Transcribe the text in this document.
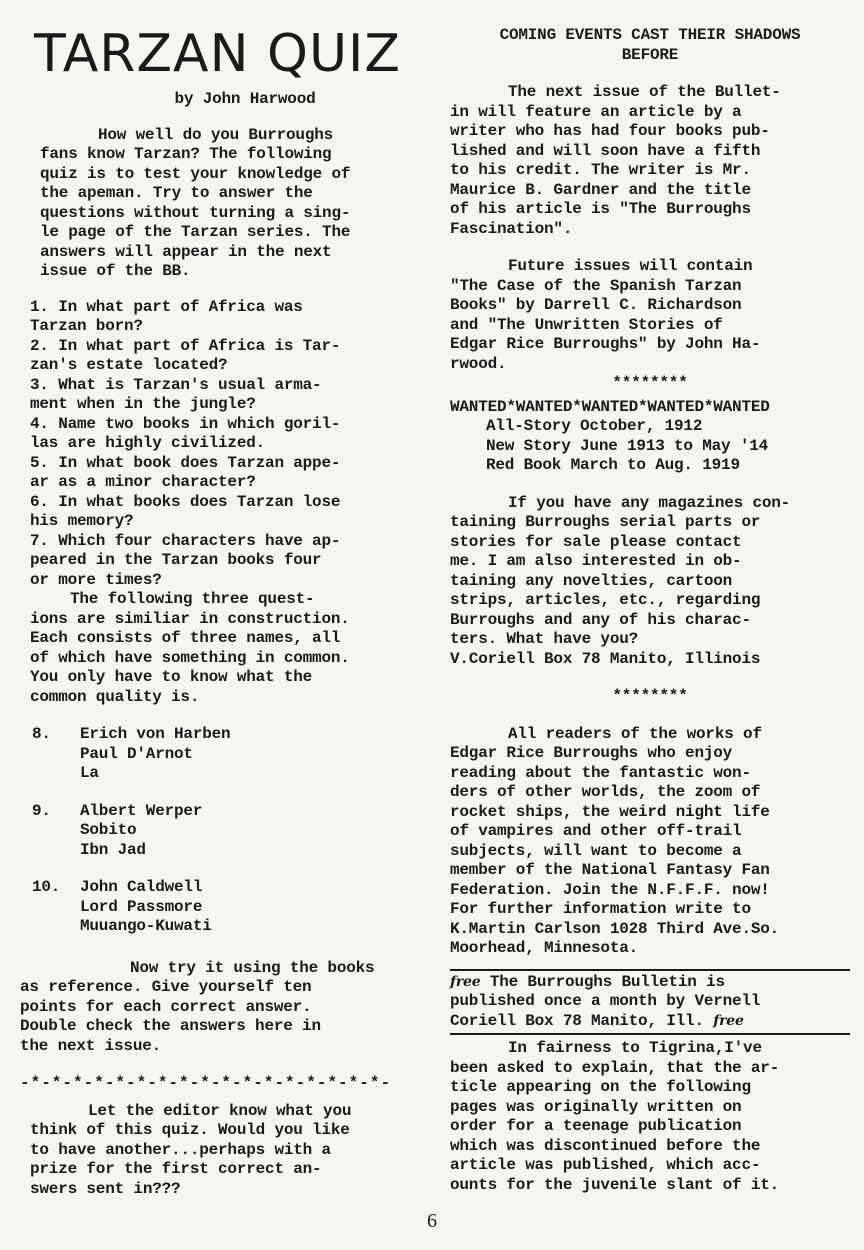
TARZAN QUIZ
by John Harwood

How well do you Burroughs

fans know Tarzan? The following

quiz is to test your knowledge of

the apeman. Try to answer the

questions without turning a sing-

le page of the Tarzan series. The

answers will appear in the next

issue of the BB.

1. In what part of Africa was

Tarzan born?

2. In what part of Africa is Tar-

zan's estate located?

3. What is Tarzan's usual arma-

ment when in the jungle?

4. Name two books in which goril-

las are highly civilized.

5. In what book does Tarzan appe-

ar as a minor character?

6. In what books does Tarzan lose

his memory?

7. Which four characters have ap-

peared in the Tarzan books four

or more times?

The following three quest-

ions are similiar in construction.

Each consists of three names, all

of which have something in common.

You only have to know what the

common quality is.

8.	Erich von Harben
Paul D'Arnot
La
9.	Albert Werper
Sobito
Ibn Jad
10.	John Caldwell
Lord Passmore
Muuango-Kuwati

Now try it using the books

as reference. Give yourself ten

points for each correct answer.

Double check the answers here in

the next issue.

-*-*-*-*-*-*-*-*-*-*-*-*-*-*-*-*-*-

Let the editor know what you

think of this quiz. Would you like

to have another...perhaps with a

prize for the first correct an-

swers sent in???

COMING EVENTS CAST THEIR SHADOWS
BEFORE

The next issue of the Bullet-

in will feature an article by a

writer who has had four books pub-

lished and will soon have a fifth

to his credit. The writer is Mr.

Maurice B. Gardner and the title

of his article is "The Burroughs

Fascination".

Future issues will contain

"The Case of the Spanish Tarzan

Books" by Darrell C. Richardson

and "The Unwritten Stories of

Edgar Rice Burroughs" by John Ha-

rwood.

********
WANTED*WANTED*WANTED*WANTED*WANTED
All-Story October, 1912
New Story June 1913 to May '14
Red Book March to Aug. 1919

If you have any magazines con-

taining Burroughs serial parts or

stories for sale please contact

me. I am also interested in ob-

taining any novelties, cartoon

strips, articles, etc., regarding

Burroughs and any of his charac-

ters. What have you?

V.Coriell Box 78 Manito, Illinois

********

All readers of the works of

Edgar Rice Burroughs who enjoy

reading about the fantastic won-

ders of other worlds, the zoom of

rocket ships, the weird night life

of vampires and other off-trail

subjects, will want to become a

member of the National Fantasy Fan

Federation. Join the N.F.F.F. now!

For further information write to

K.Martin Carlson 1028 Third Ave.So.

Moorhead, Minnesota.

free The Burroughs Bulletin is

published once a month by Vernell

Coriell Box 78 Manito, Ill. free

In fairness to Tigrina,I've

been asked to explain, that the ar-

ticle appearing on the following

pages was originally written on

order for a teenage publication

which was discontinued before the

article was published, which acc-

ounts for the juvenile slant of it.

6
